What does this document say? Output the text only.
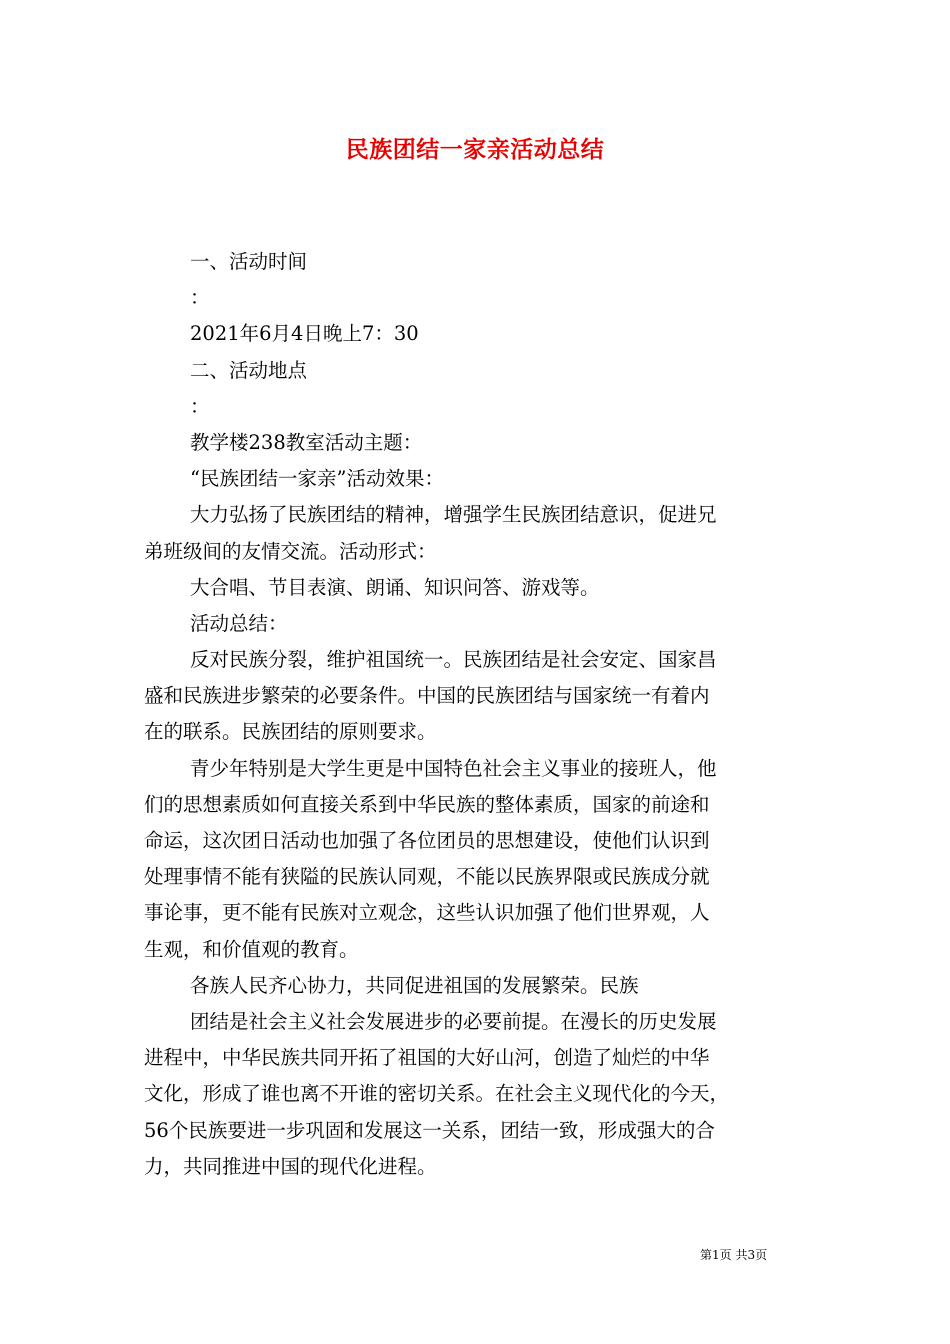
民族团结一家亲活动总结
一、活动时间
：
2021年6月4日晚上7：30
二、活动地点
：
教学楼238教室活动主题：
“民族团结一家亲”活动效果：
大力弘扬了民族团结的精神，增强学生民族团结意识，促进兄
弟班级间的友情交流。活动形式：
大合唱、节目表演、朗诵、知识问答、游戏等。
活动总结：
反对民族分裂，维护祖国统一。民族团结是社会安定、国家昌
盛和民族进步繁荣的必要条件。中国的民族团结与国家统一有着内
在的联系。民族团结的原则要求。
青少年特别是大学生更是中国特色社会主义事业的接班人，他
们的思想素质如何直接关系到中华民族的整体素质，国家的前途和
命运，这次团日活动也加强了各位团员的思想建设，使他们认识到
处理事情不能有狭隘的民族认同观，不能以民族界限或民族成分就
事论事，更不能有民族对立观念，这些认识加强了他们世界观，人
生观，和价值观的教育。
各族人民齐心协力，共同促进祖国的发展繁荣。民族
团结是社会主义社会发展进步的必要前提。在漫长的历史发展
进程中，中华民族共同开拓了祖国的大好山河，创造了灿烂的中华
文化，形成了谁也离不开谁的密切关系。在社会主义现代化的今天，
56个民族要进一步巩固和发展这一关系，团结一致，形成强大的合
力，共同推进中国的现代化进程。
第1页 共3页
